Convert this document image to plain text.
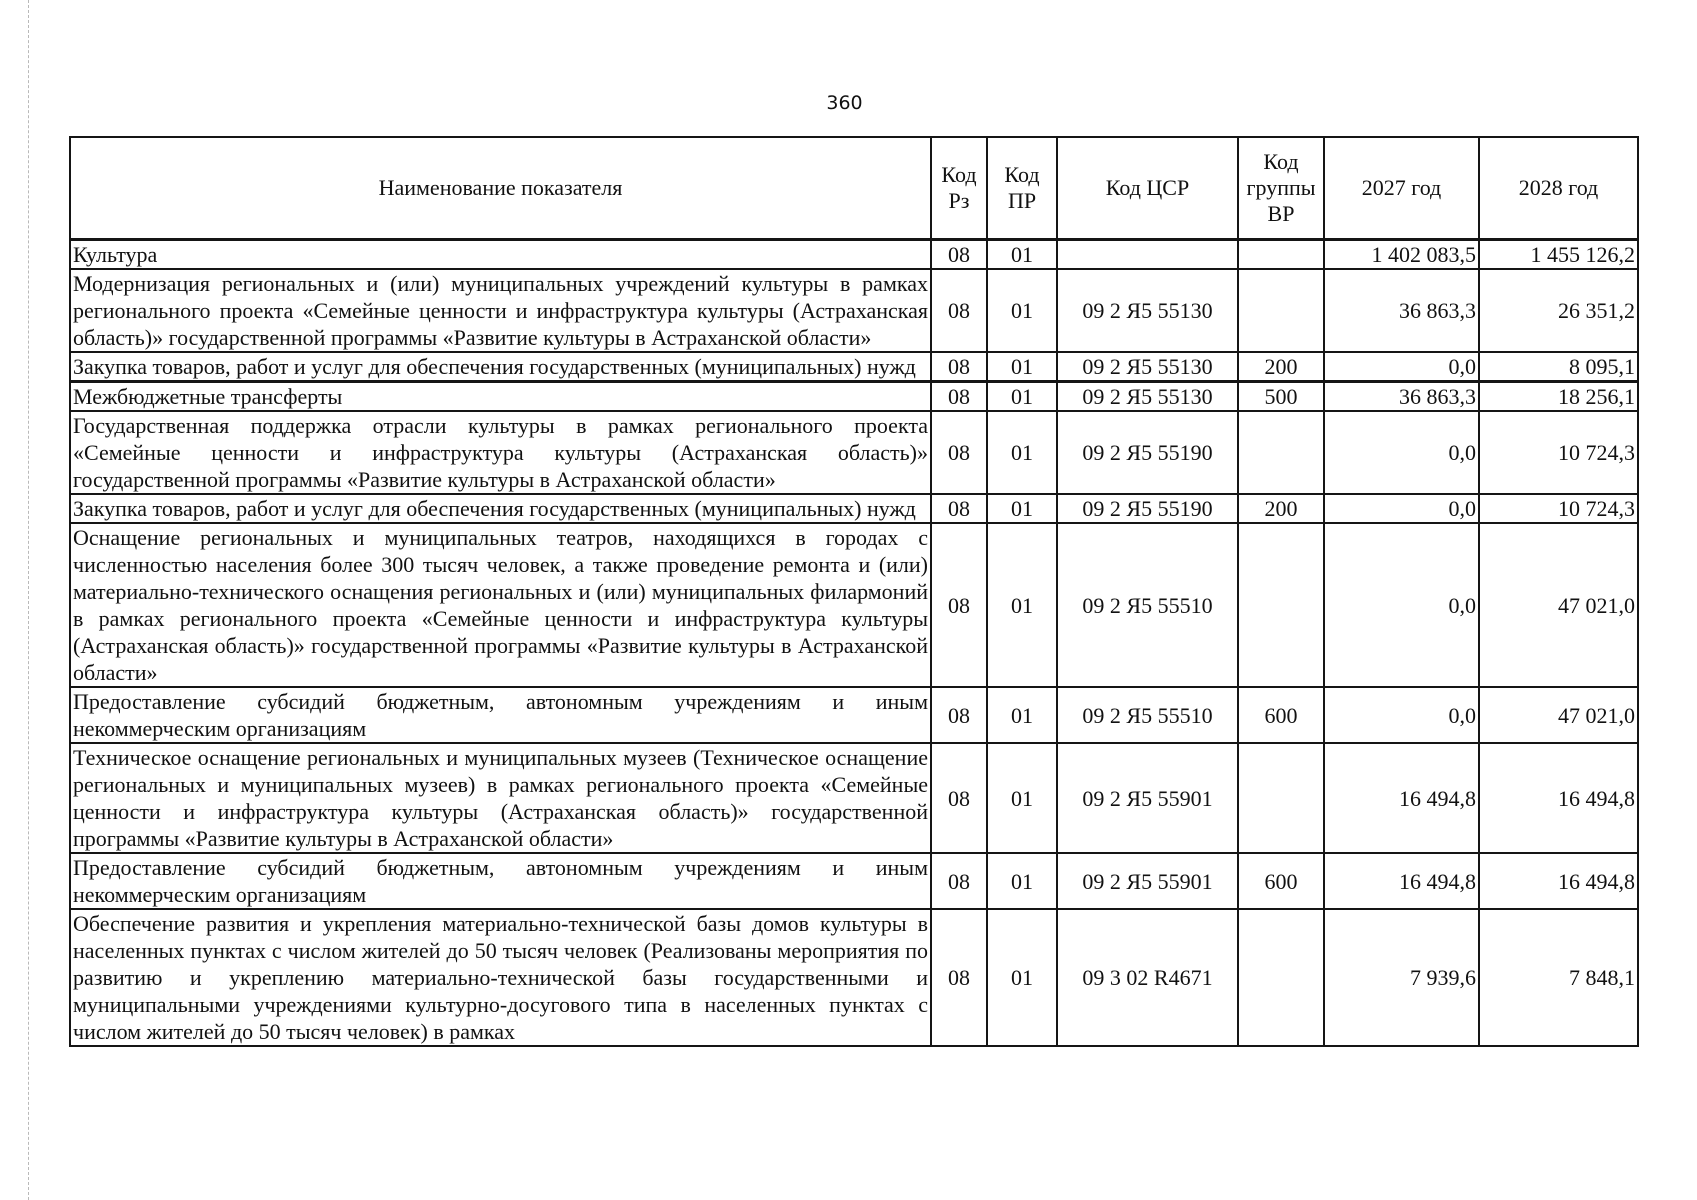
360
Наименование показателя	Код Рз	Код ПР	Код ЦСР	Код группы ВР	2027 год	2028 год
Культура	08	01			1 402 083,5	1 455 126,2
Модернизация региональных и (или) муниципальных учреждений культуры в рамках регионального проекта «Семейные ценности и инфраструктура культуры (Астраханская область)» государственной программы «Развитие культуры в Астраханской области»	08	01	09 2 Я5 55130		36 863,3	26 351,2
Закупка товаров, работ и услуг для обеспечения государственных (муниципальных) нужд	08	01	09 2 Я5 55130	200	0,0	8 095,1
Межбюджетные трансферты	08	01	09 2 Я5 55130	500	36 863,3	18 256,1
Государственная поддержка отрасли культуры в рамках регионального проекта «Семейные ценности и инфраструктура культуры (Астраханская область)» государственной программы «Развитие культуры в Астраханской области»	08	01	09 2 Я5 55190		0,0	10 724,3
Закупка товаров, работ и услуг для обеспечения государственных (муниципальных) нужд	08	01	09 2 Я5 55190	200	0,0	10 724,3
Оснащение региональных и муниципальных театров, находящихся в городах с численностью населения более 300 тысяч человек, а также проведение ремонта и (или) материально-технического оснащения региональных и (или) муниципальных филармоний в рамках регионального проекта «Семейные ценности и инфраструктура культуры (Астраханская область)» государственной программы «Развитие культуры в Астраханской области»	08	01	09 2 Я5 55510		0,0	47 021,0
Предоставление субсидий бюджетным, автономным учреждениям и иным некоммерческим организациям	08	01	09 2 Я5 55510	600	0,0	47 021,0
Техническое оснащение региональных и муниципальных музеев (Техническое оснащение региональных и муниципальных музеев) в рамках регионального проекта «Семейные ценности и инфраструктура культуры (Астраханская область)» государственной программы «Развитие культуры в Астраханской области»	08	01	09 2 Я5 55901		16 494,8	16 494,8
Предоставление субсидий бюджетным, автономным учреждениям и иным некоммерческим организациям	08	01	09 2 Я5 55901	600	16 494,8	16 494,8
Обеспечение развития и укрепления материально-технической базы домов культуры в населенных пунктах с числом жителей до 50 тысяч человек (Реализованы мероприятия по развитию и укреплению материально-технической базы государственными и муниципальными учреждениями культурно-досугового типа в населенных пунктах с числом жителей до 50 тысяч человек) в рамках	08	01	09 3 02 R4671		7 939,6	7 848,1
